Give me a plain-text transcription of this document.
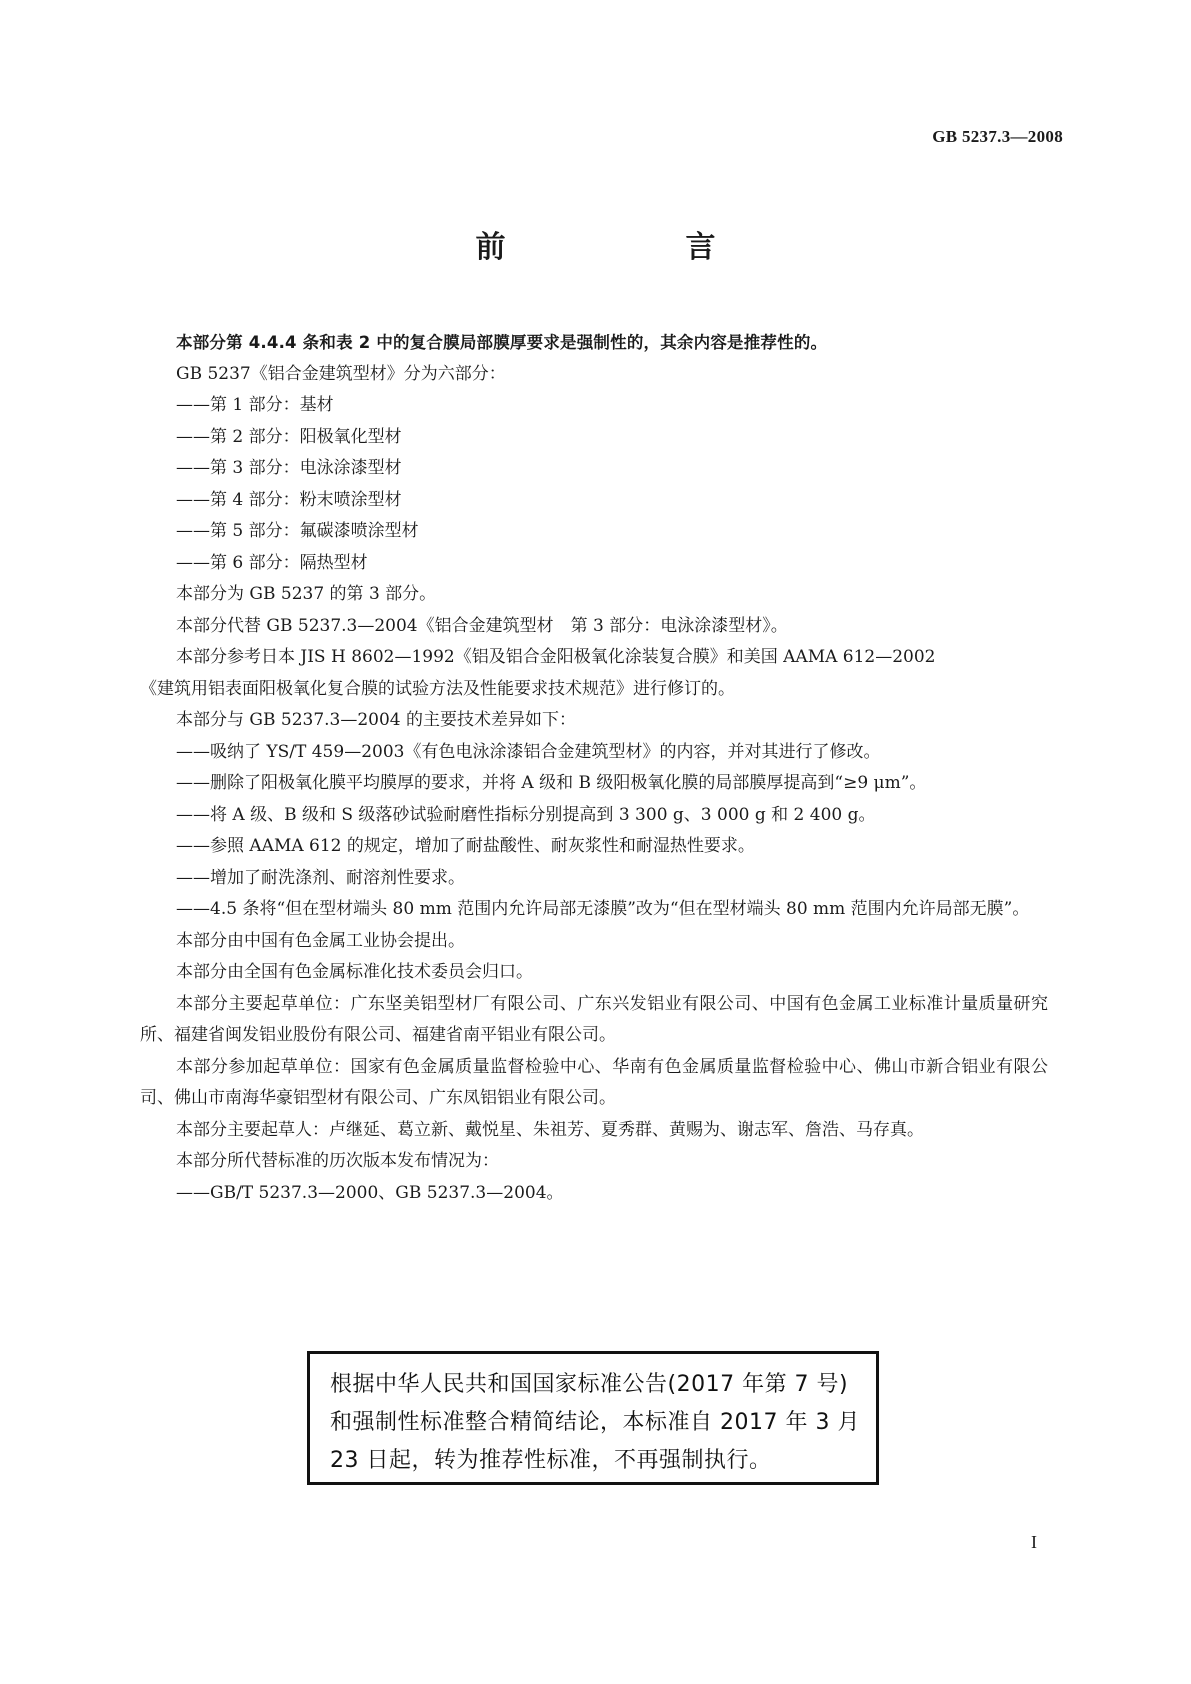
GB 5237.3—2008
前　　言

本部分第 4.4.4 条和表 2 中的复合膜局部膜厚要求是强制性的，其余内容是推荐性的。

GB 5237《铝合金建筑型材》分为六部分：

——第 1 部分：基材

——第 2 部分：阳极氧化型材

——第 3 部分：电泳涂漆型材

——第 4 部分：粉末喷涂型材

——第 5 部分：氟碳漆喷涂型材

——第 6 部分：隔热型材

本部分为 GB 5237 的第 3 部分。

本部分代替 GB 5237.3—2004《铝合金建筑型材　第 3 部分：电泳涂漆型材》。

本部分参考日本 JIS H 8602—1992《铝及铝合金阳极氧化涂装复合膜》和美国 AAMA 612—2002

《建筑用铝表面阳极氧化复合膜的试验方法及性能要求技术规范》进行修订的。

本部分与 GB 5237.3—2004 的主要技术差异如下：

——吸纳了 YS/T 459—2003《有色电泳涂漆铝合金建筑型材》的内容，并对其进行了修改。

——删除了阳极氧化膜平均膜厚的要求，并将 A 级和 B 级阳极氧化膜的局部膜厚提高到“≥9 μm”。

——将 A 级、B 级和 S 级落砂试验耐磨性指标分别提高到 3 300 g、3 000 g 和 2 400 g。

——参照 AAMA 612 的规定，增加了耐盐酸性、耐灰浆性和耐湿热性要求。

——增加了耐洗涤剂、耐溶剂性要求。

——4.5 条将“但在型材端头 80 mm 范围内允许局部无漆膜”改为“但在型材端头 80 mm 范围内允许局部无膜”。

本部分由中国有色金属工业协会提出。

本部分由全国有色金属标准化技术委员会归口。

本部分主要起草单位：广东坚美铝型材厂有限公司、广东兴发铝业有限公司、中国有色金属工业标准计量质量研究所、福建省闽发铝业股份有限公司、福建省南平铝业有限公司。

本部分参加起草单位：国家有色金属质量监督检验中心、华南有色金属质量监督检验中心、佛山市新合铝业有限公司、佛山市南海华豪铝型材有限公司、广东凤铝铝业有限公司。

本部分主要起草人：卢继延、葛立新、戴悦星、朱祖芳、夏秀群、黄赐为、谢志军、詹浩、马存真。

本部分所代替标准的历次版本发布情况为：

——GB/T 5237.3—2000、GB 5237.3—2004。

根据中华人民共和国国家标准公告(2017 年第 7 号)和强制性标准整合精简结论，本标准自 2017 年 3 月 23 日起，转为推荐性标准，不再强制执行。
I
